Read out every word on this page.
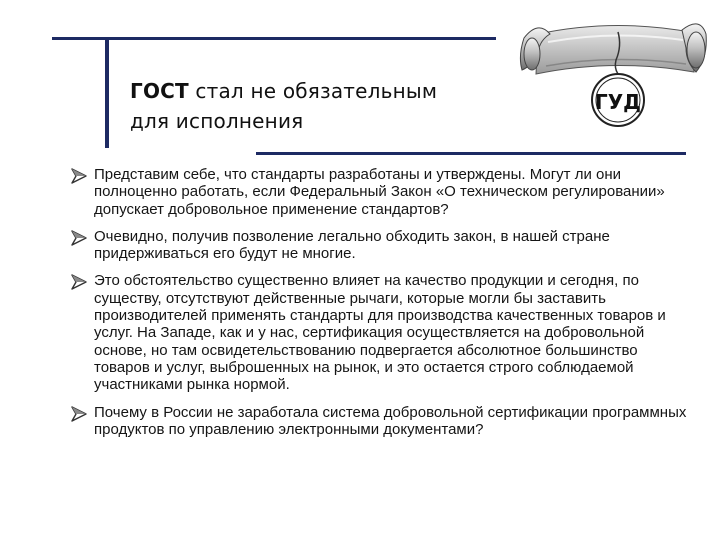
ГОСТ стал не обязательным
для исполнения
ГУД
Представим себе, что стандарты разработаны и утверждены. Могут ли они полноценно работать, если Федеральный Закон «О техническом регулировании» допускает добровольное применение стандартов?
Очевидно, получив позволение легально обходить закон, в нашей стране придерживаться его будут не многие.
Это обстоятельство существенно влияет на качество продукции и сегодня, по существу, отсутствуют действенные рычаги, которые могли бы заставить производителей применять стандарты для производства качественных товаров и услуг. На Западе, как и у нас, сертификация осуществляется на добровольной основе, но там освидетельствованию подвергается абсолютное большинство товаров и услуг, выброшенных на рынок, и это остается строго соблюдаемой участниками рынка нормой.
Почему в России не заработала система добровольной сертификации программных продуктов по управлению электронными документами?
